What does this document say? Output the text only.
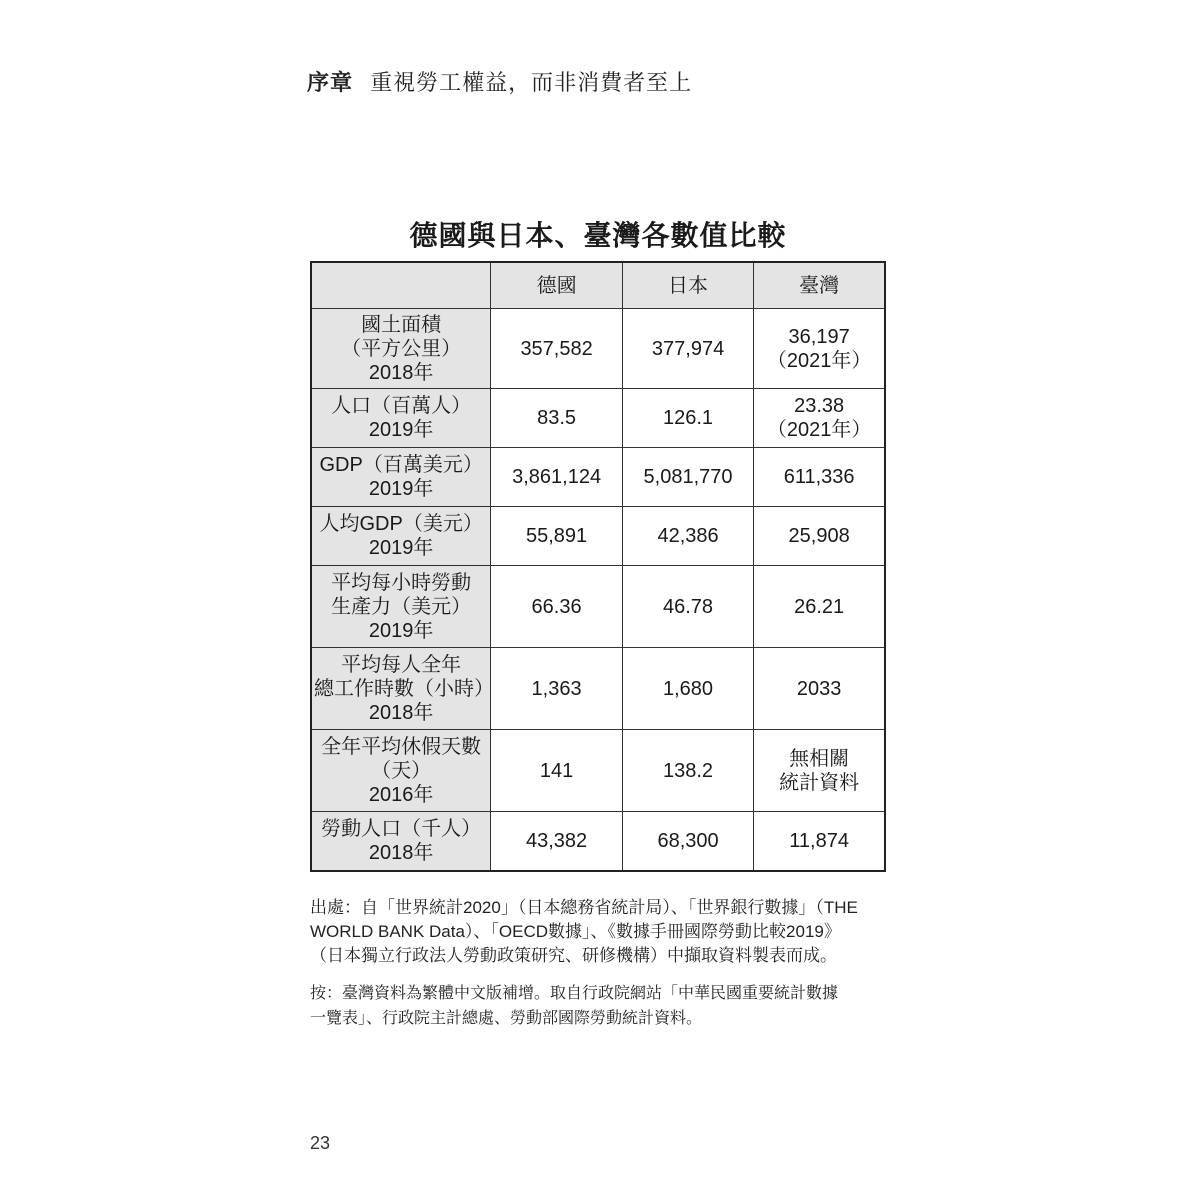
序章 重視勞工權益，而非消費者至上
德國與日本、臺灣各數值比較
	德國	日本	臺灣

國土面積
（平方公里）
2018年	357,582	377,974	36,197
（2021年）

人口（百萬人）
2019年	83.5	126.1	23.38
（2021年）

GDP（百萬美元）
2019年	3,861,124	5,081,770	611,336

人均GDP（美元）
2019年	55,891	42,386	25,908

平均每小時勞動
生產力（美元）
2019年	66.36	46.78	26.21

平均每人全年
總工作時數（小時）
2018年	1,363	1,680	2033

全年平均休假天數
（天）
2016年	141	138.2	無相關
統計資料

勞動人口（千人）
2018年	43,382	68,300	11,874
出處：自「世界統計2020」（日本總務省統計局）、「世界銀行數據」（THE
WORLD BANK Data）、「OECD數據」、《數據手冊國際勞動比較2019》
（日本獨立行政法人勞動政策研究、研修機構）中擷取資料製表而成。
按：臺灣資料為繁體中文版補增。取自行政院網站「中華民國重要統計數據
一覽表」、行政院主計總處、勞動部國際勞動統計資料。
23
